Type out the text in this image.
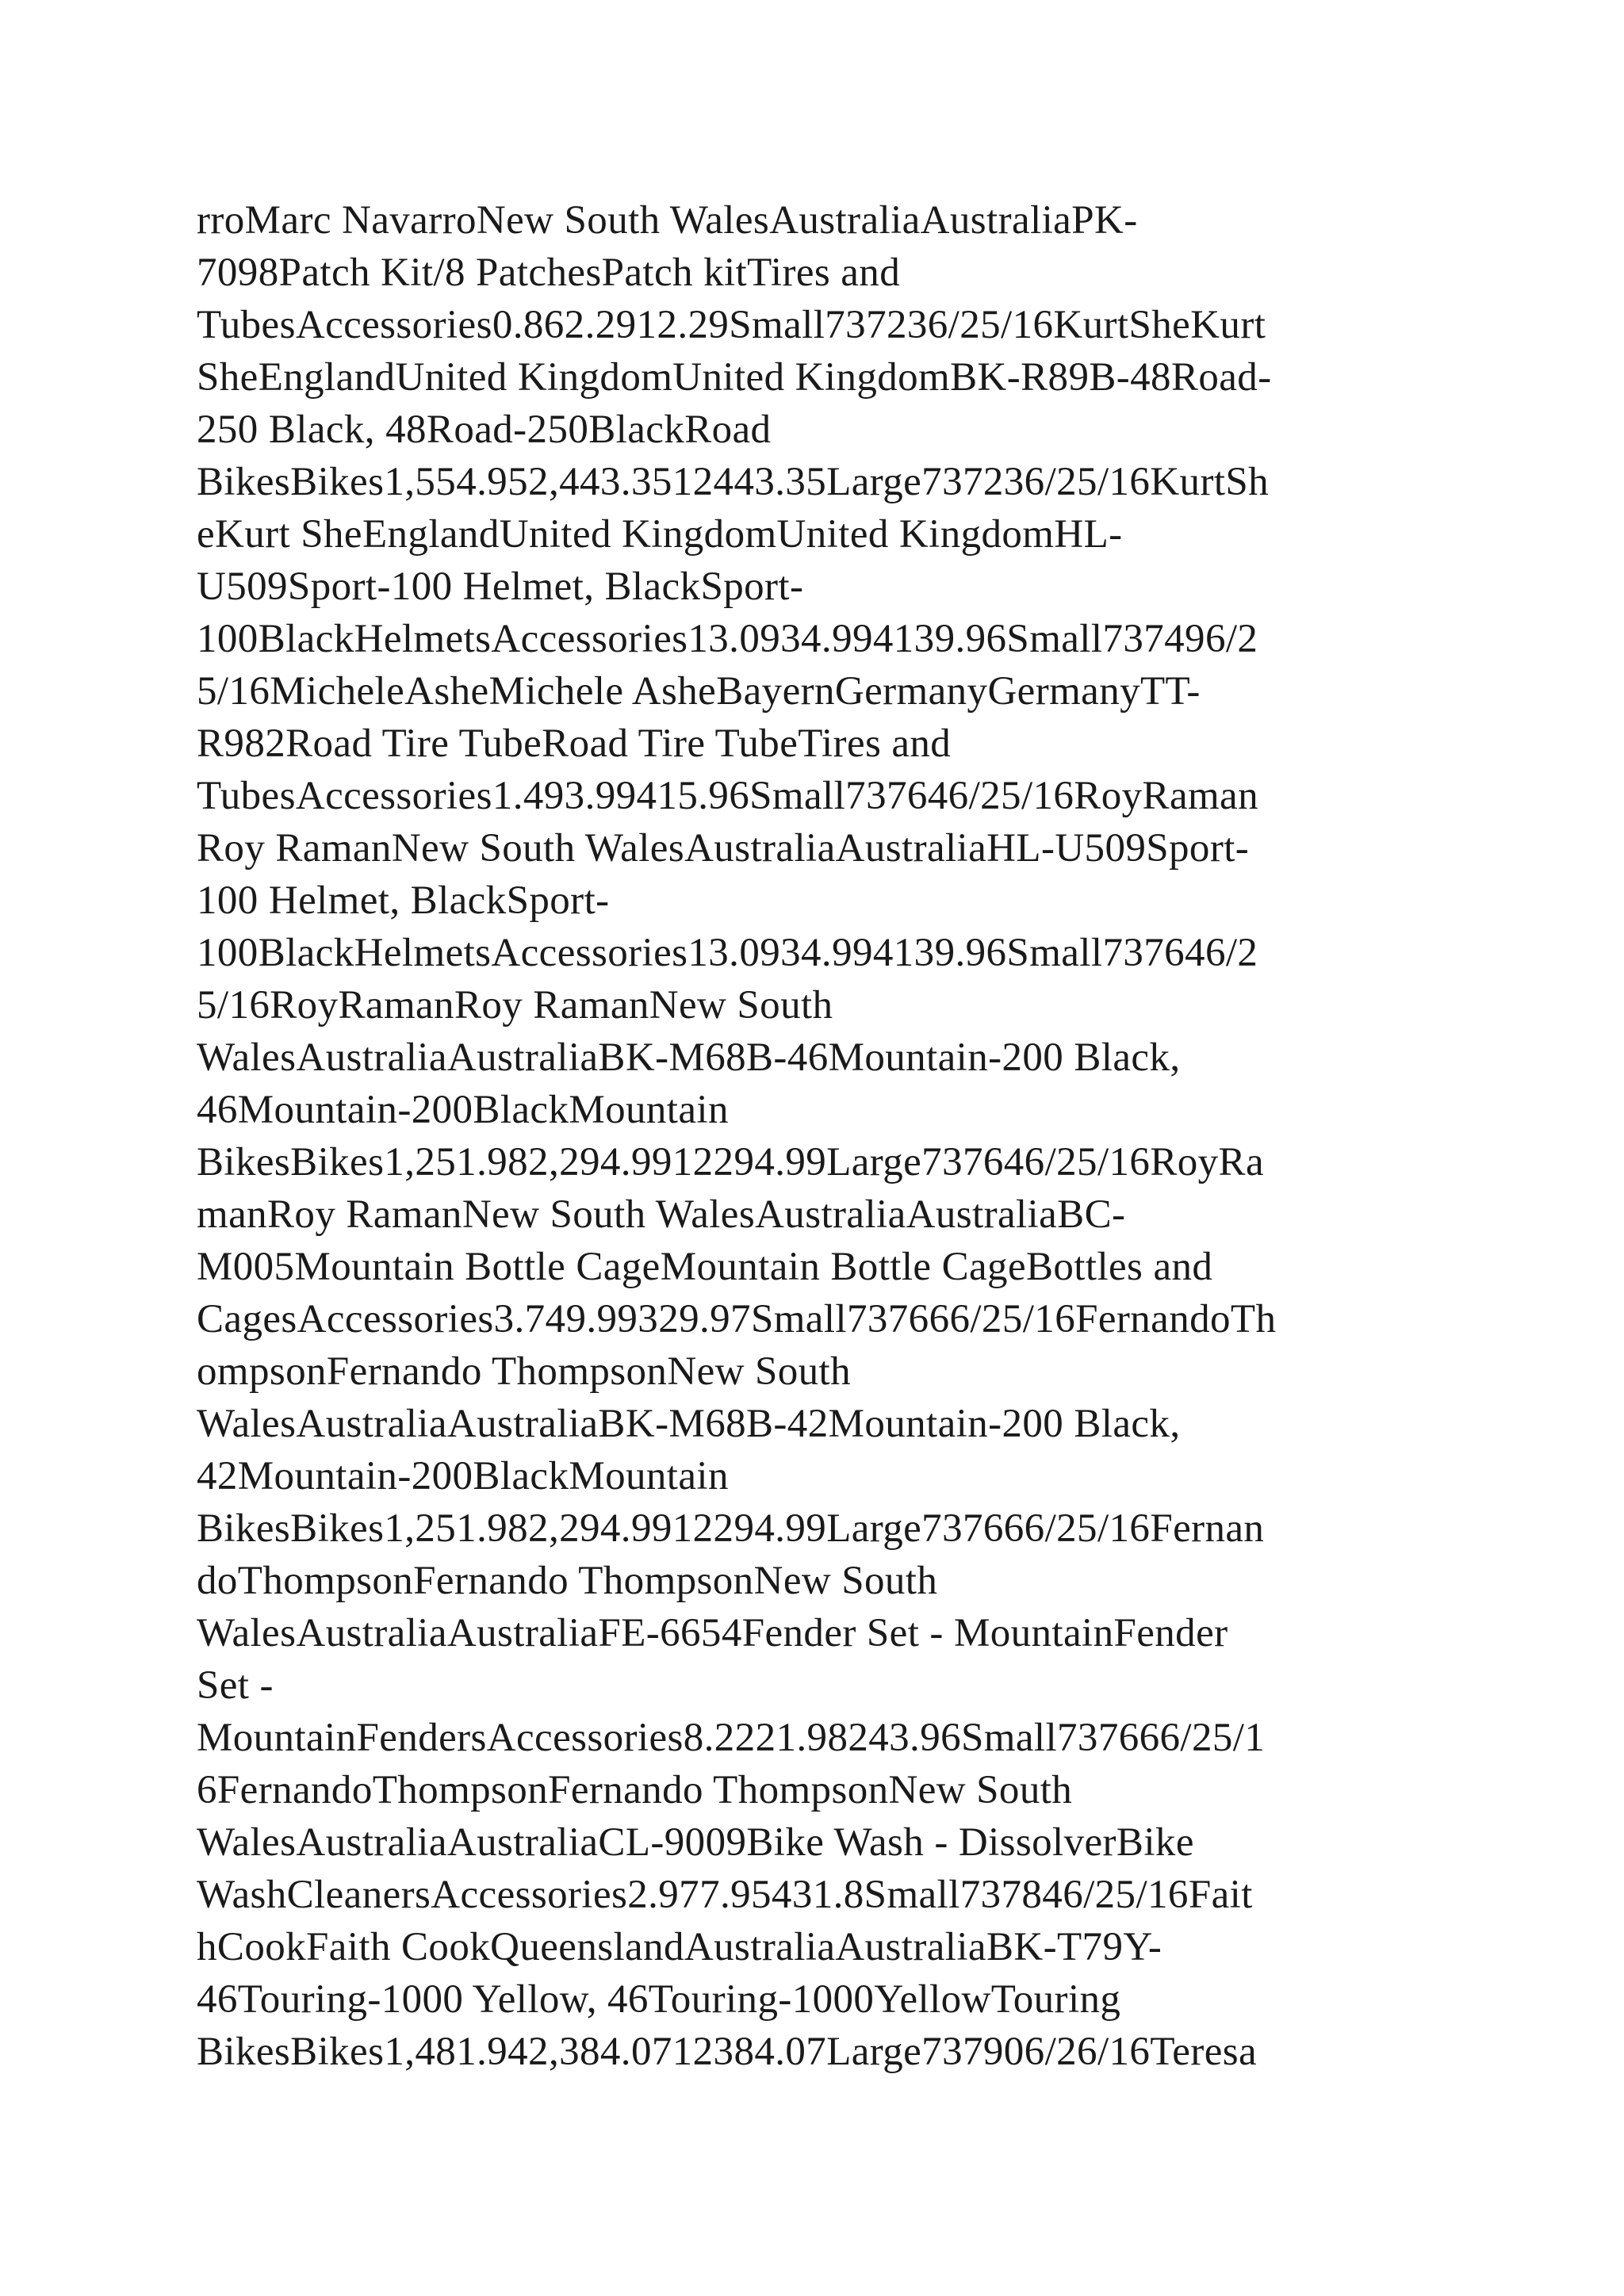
rroMarc NavarroNew South WalesAustraliaAustraliaPK-
7098Patch Kit/8 PatchesPatch kitTires and
TubesAccessories0.862.2912.29Small737236/25/16KurtSheKurt
SheEnglandUnited KingdomUnited KingdomBK-R89B-48Road-
250 Black, 48Road-250BlackRoad
BikesBikes1,554.952,443.3512443.35Large737236/25/16KurtSh
eKurt SheEnglandUnited KingdomUnited KingdomHL-
U509Sport-100 Helmet, BlackSport-
100BlackHelmetsAccessories13.0934.994139.96Small737496/2
5/16MicheleAsheMichele AsheBayernGermanyGermanyTT-
R982Road Tire TubeRoad Tire TubeTires and
TubesAccessories1.493.99415.96Small737646/25/16RoyRaman
Roy RamanNew South WalesAustraliaAustraliaHL-U509Sport-
100 Helmet, BlackSport-
100BlackHelmetsAccessories13.0934.994139.96Small737646/2
5/16RoyRamanRoy RamanNew South
WalesAustraliaAustraliaBK-M68B-46Mountain-200 Black,
46Mountain-200BlackMountain
BikesBikes1,251.982,294.9912294.99Large737646/25/16RoyRa
manRoy RamanNew South WalesAustraliaAustraliaBC-
M005Mountain Bottle CageMountain Bottle CageBottles and
CagesAccessories3.749.99329.97Small737666/25/16FernandoTh
ompsonFernando ThompsonNew South
WalesAustraliaAustraliaBK-M68B-42Mountain-200 Black,
42Mountain-200BlackMountain
BikesBikes1,251.982,294.9912294.99Large737666/25/16Fernan
doThompsonFernando ThompsonNew South
WalesAustraliaAustraliaFE-6654Fender Set - MountainFender
Set -
MountainFendersAccessories8.2221.98243.96Small737666/25/1
6FernandoThompsonFernando ThompsonNew South
WalesAustraliaAustraliaCL-9009Bike Wash - DissolverBike
WashCleanersAccessories2.977.95431.8Small737846/25/16Fait
hCookFaith CookQueenslandAustraliaAustraliaBK-T79Y-
46Touring-1000 Yellow, 46Touring-1000YellowTouring
BikesBikes1,481.942,384.0712384.07Large737906/26/16Teresa
